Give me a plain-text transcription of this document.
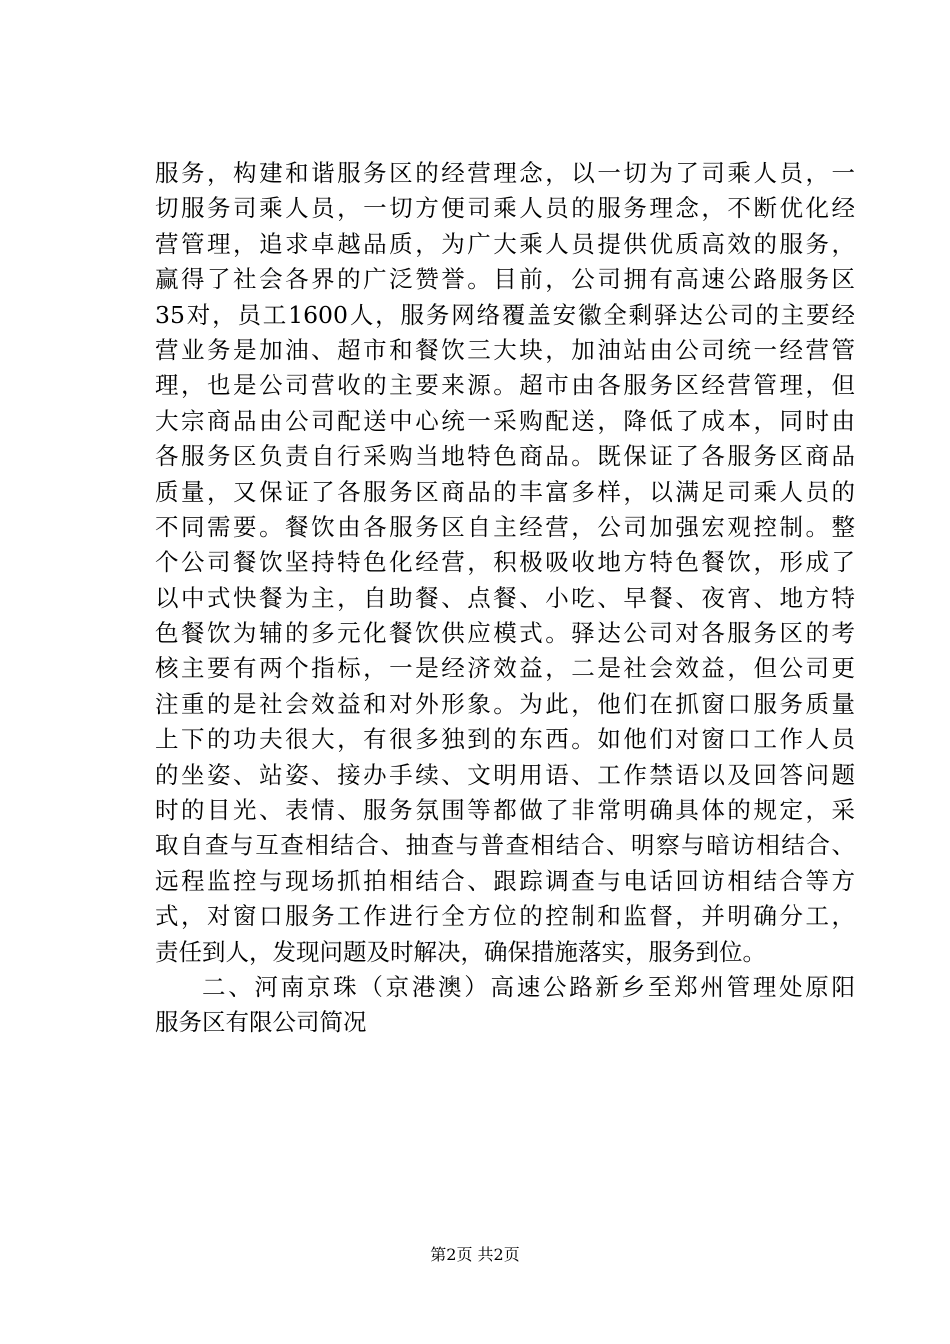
服务，构建和谐服务区的经营理念，以一切为了司乘人员，一
切服务司乘人员，一切方便司乘人员的服务理念，不断优化经
营管理，追求卓越品质，为广大乘人员提供优质高效的服务，
赢得了社会各界的广泛赞誉。目前，公司拥有高速公路服务区
35对，员工1600人，服务网络覆盖安徽全剩驿达公司的主要经
营业务是加油、超市和餐饮三大块，加油站由公司统一经营管
理，也是公司营收的主要来源。超市由各服务区经营管理，但
大宗商品由公司配送中心统一采购配送，降低了成本，同时由
各服务区负责自行采购当地特色商品。既保证了各服务区商品
质量，又保证了各服务区商品的丰富多样，以满足司乘人员的
不同需要。餐饮由各服务区自主经营，公司加强宏观控制。整
个公司餐饮坚持特色化经营，积极吸收地方特色餐饮，形成了
以中式快餐为主，自助餐、点餐、小吃、早餐、夜宵、地方特
色餐饮为辅的多元化餐饮供应模式。驿达公司对各服务区的考
核主要有两个指标，一是经济效益，二是社会效益，但公司更
注重的是社会效益和对外形象。为此，他们在抓窗口服务质量
上下的功夫很大，有很多独到的东西。如他们对窗口工作人员
的坐姿、站姿、接办手续、文明用语、工作禁语以及回答问题
时的目光、表情、服务氛围等都做了非常明确具体的规定，采
取自查与互查相结合、抽查与普查相结合、明察与暗访相结合、
远程监控与现场抓拍相结合、跟踪调查与电话回访相结合等方
式，对窗口服务工作进行全方位的控制和监督，并明确分工，
责任到人，发现问题及时解决，确保措施落实，服务到位。
二、河南京珠（京港澳）高速公路新乡至郑州管理处原阳
服务区有限公司简况
第2页 共2页
